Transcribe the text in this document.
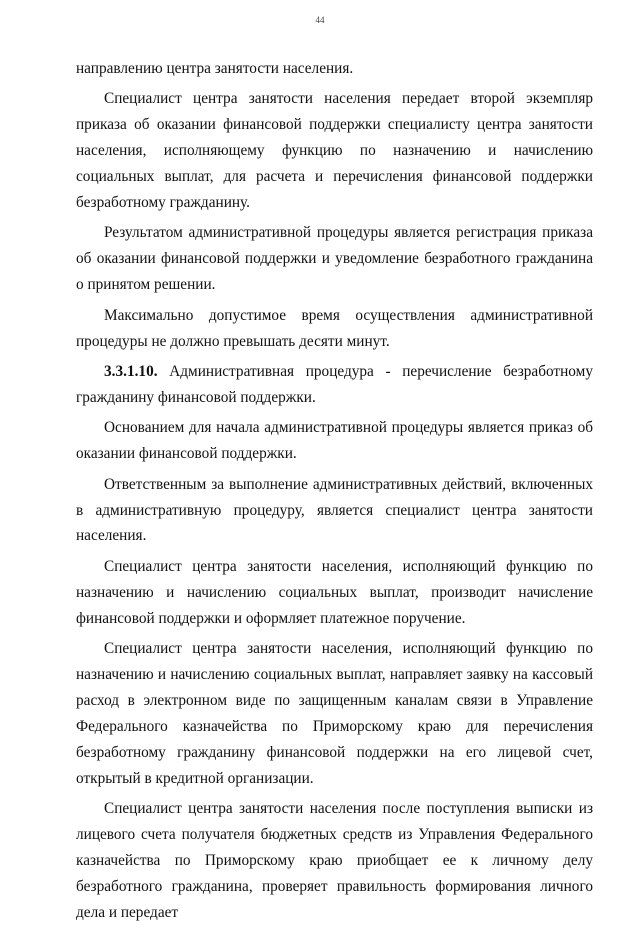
44

направлению центра занятости населения.

Специалист центра занятости населения передает второй экземпляр приказа об оказании финансовой поддержки специалисту центра занятости населения, исполняющему функцию по назначению и начислению социальных выплат, для расчета и перечисления финансовой поддержки безработному гражданину.

Результатом административной процедуры является регистрация приказа об оказании финансовой поддержки и уведомление безработного гражданина о принятом решении.

Максимально допустимое время осуществления административной процедуры не должно превышать десяти минут.

3.3.1.10. Административная процедура - перечисление безработному гражданину финансовой поддержки.

Основанием для начала административной процедуры является приказ об оказании финансовой поддержки.

Ответственным за выполнение административных действий, включенных в административную процедуру, является специалист центра занятости населения.

Специалист центра занятости населения, исполняющий функцию по назначению и начислению социальных выплат, производит начисление финансовой поддержки и оформляет платежное поручение.

Специалист центра занятости населения, исполняющий функцию по назначению и начислению социальных выплат, направляет заявку на кассовый расход в электронном виде по защищенным каналам связи в Управление Федерального казначейства по Приморскому краю для перечисления безработному гражданину финансовой поддержки на его лицевой счет, открытый в кредитной организации.

Специалист центра занятости населения после поступления выписки из лицевого счета получателя бюджетных средств из Управления Федерального казначейства по Приморскому краю приобщает ее к личному делу безработного гражданина, проверяет правильность формирования личного дела и передает
